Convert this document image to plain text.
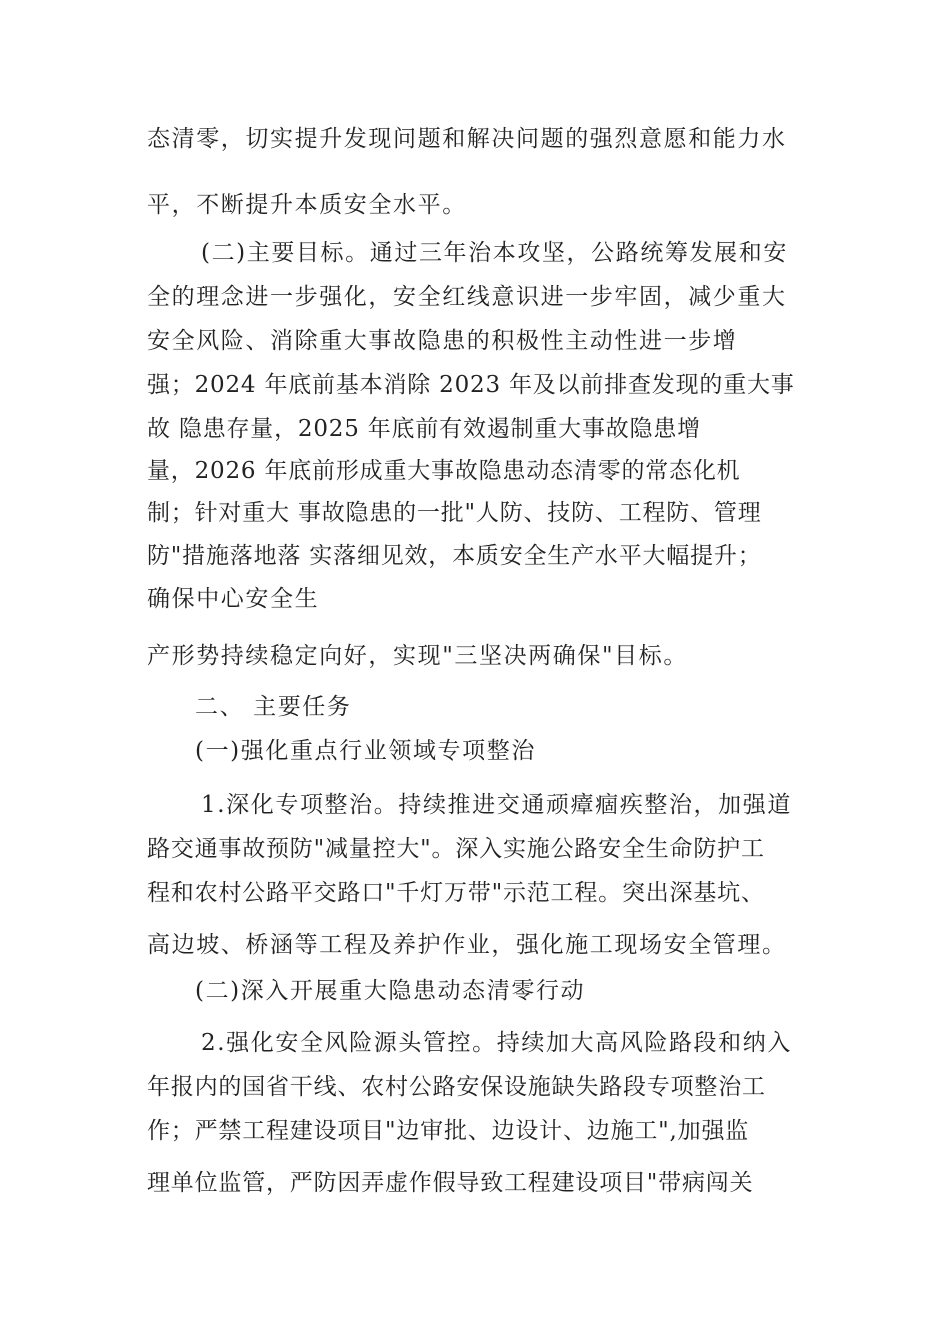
态清零，切实提升发现问题和解决问题的强烈意愿和能力水
平，不断提升本质安全水平。
(二)主要目标。通过三年治本攻坚，公路统筹发展和安
全的理念进一步强化，安全红线意识进一步牢固，减少重大
安全风险、消除重大事故隐患的积极性主动性进一步增
强；2024 年底前基本消除 2023 年及以前排查发现的重大事
故 隐患存量，2025 年底前有效遏制重大事故隐患增
量，2026 年底前形成重大事故隐患动态清零的常态化机
制；针对重大 事故隐患的一批"人防、技防、工程防、管理
防"措施落地落 实落细见效，本质安全生产水平大幅提升；
确保中心安全生
产形势持续稳定向好，实现"三坚决两确保"目标。
二、 主要任务
(一)强化重点行业领域专项整治
1.深化专项整治。持续推进交通顽瘴痼疾整治，加强道
路交通事故预防"减量控大"。深入实施公路安全生命防护工
程和农村公路平交路口"千灯万带"示范工程。突出深基坑、
高边坡、桥涵等工程及养护作业，强化施工现场安全管理。
(二)深入开展重大隐患动态清零行动
2.强化安全风险源头管控。持续加大高风险路段和纳入
年报内的国省干线、农村公路安保设施缺失路段专项整治工
作；严禁工程建设项目"边审批、边设计、边施工",加强监
理单位监管，严防因弄虚作假导致工程建设项目"带病闯关
